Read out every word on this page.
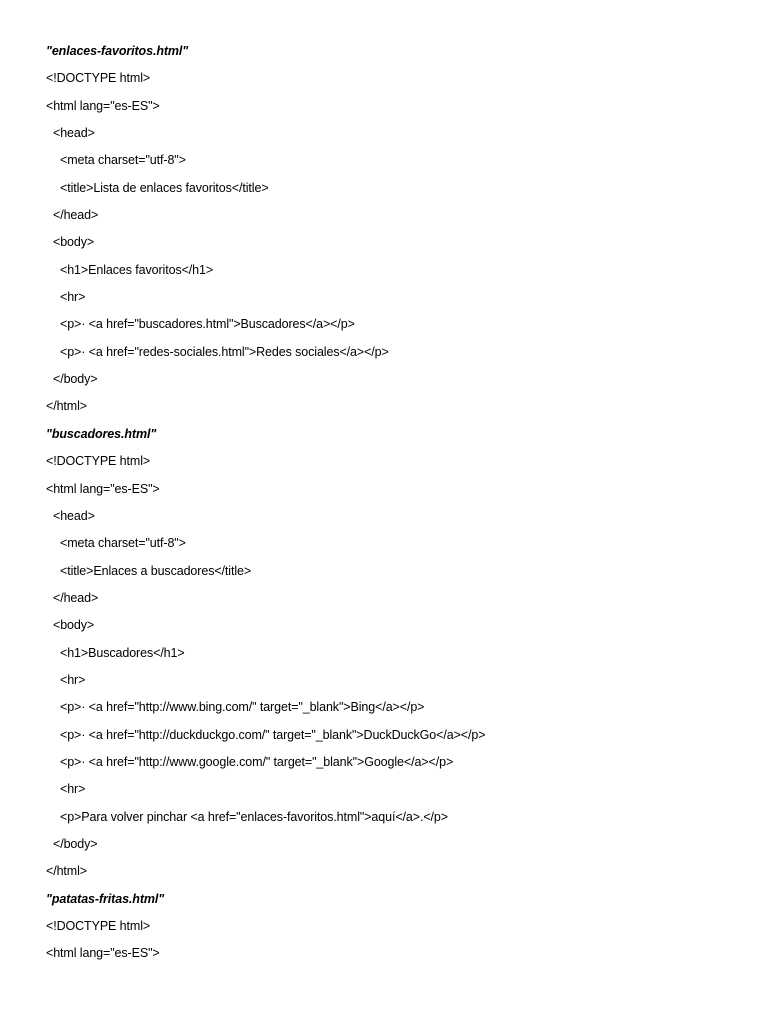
"enlaces-favoritos.html"
<!DOCTYPE html>
<html lang="es-ES">
<head>
<meta charset="utf-8">
<title>Lista de enlaces favoritos</title>
</head>
<body>
<h1>Enlaces favoritos</h1>
<hr>
<p>· <a href="buscadores.html">Buscadores</a></p>
<p>· <a href="redes-sociales.html">Redes sociales</a></p>
</body>
</html>
"buscadores.html"
<!DOCTYPE html>
<html lang="es-ES">
<head>
<meta charset="utf-8">
<title>Enlaces a buscadores</title>
</head>
<body>
<h1>Buscadores</h1>
<hr>
<p>· <a href="http://www.bing.com/" target="_blank">Bing</a></p>
<p>· <a href="http://duckduckgo.com/" target="_blank">DuckDuckGo</a></p>
<p>· <a href="http://www.google.com/" target="_blank">Google</a></p>
<hr>
<p>Para volver pinchar <a href="enlaces-favoritos.html">aquí</a>.</p>
</body>
</html>
"patatas-fritas.html"
<!DOCTYPE html>
<html lang="es-ES">
